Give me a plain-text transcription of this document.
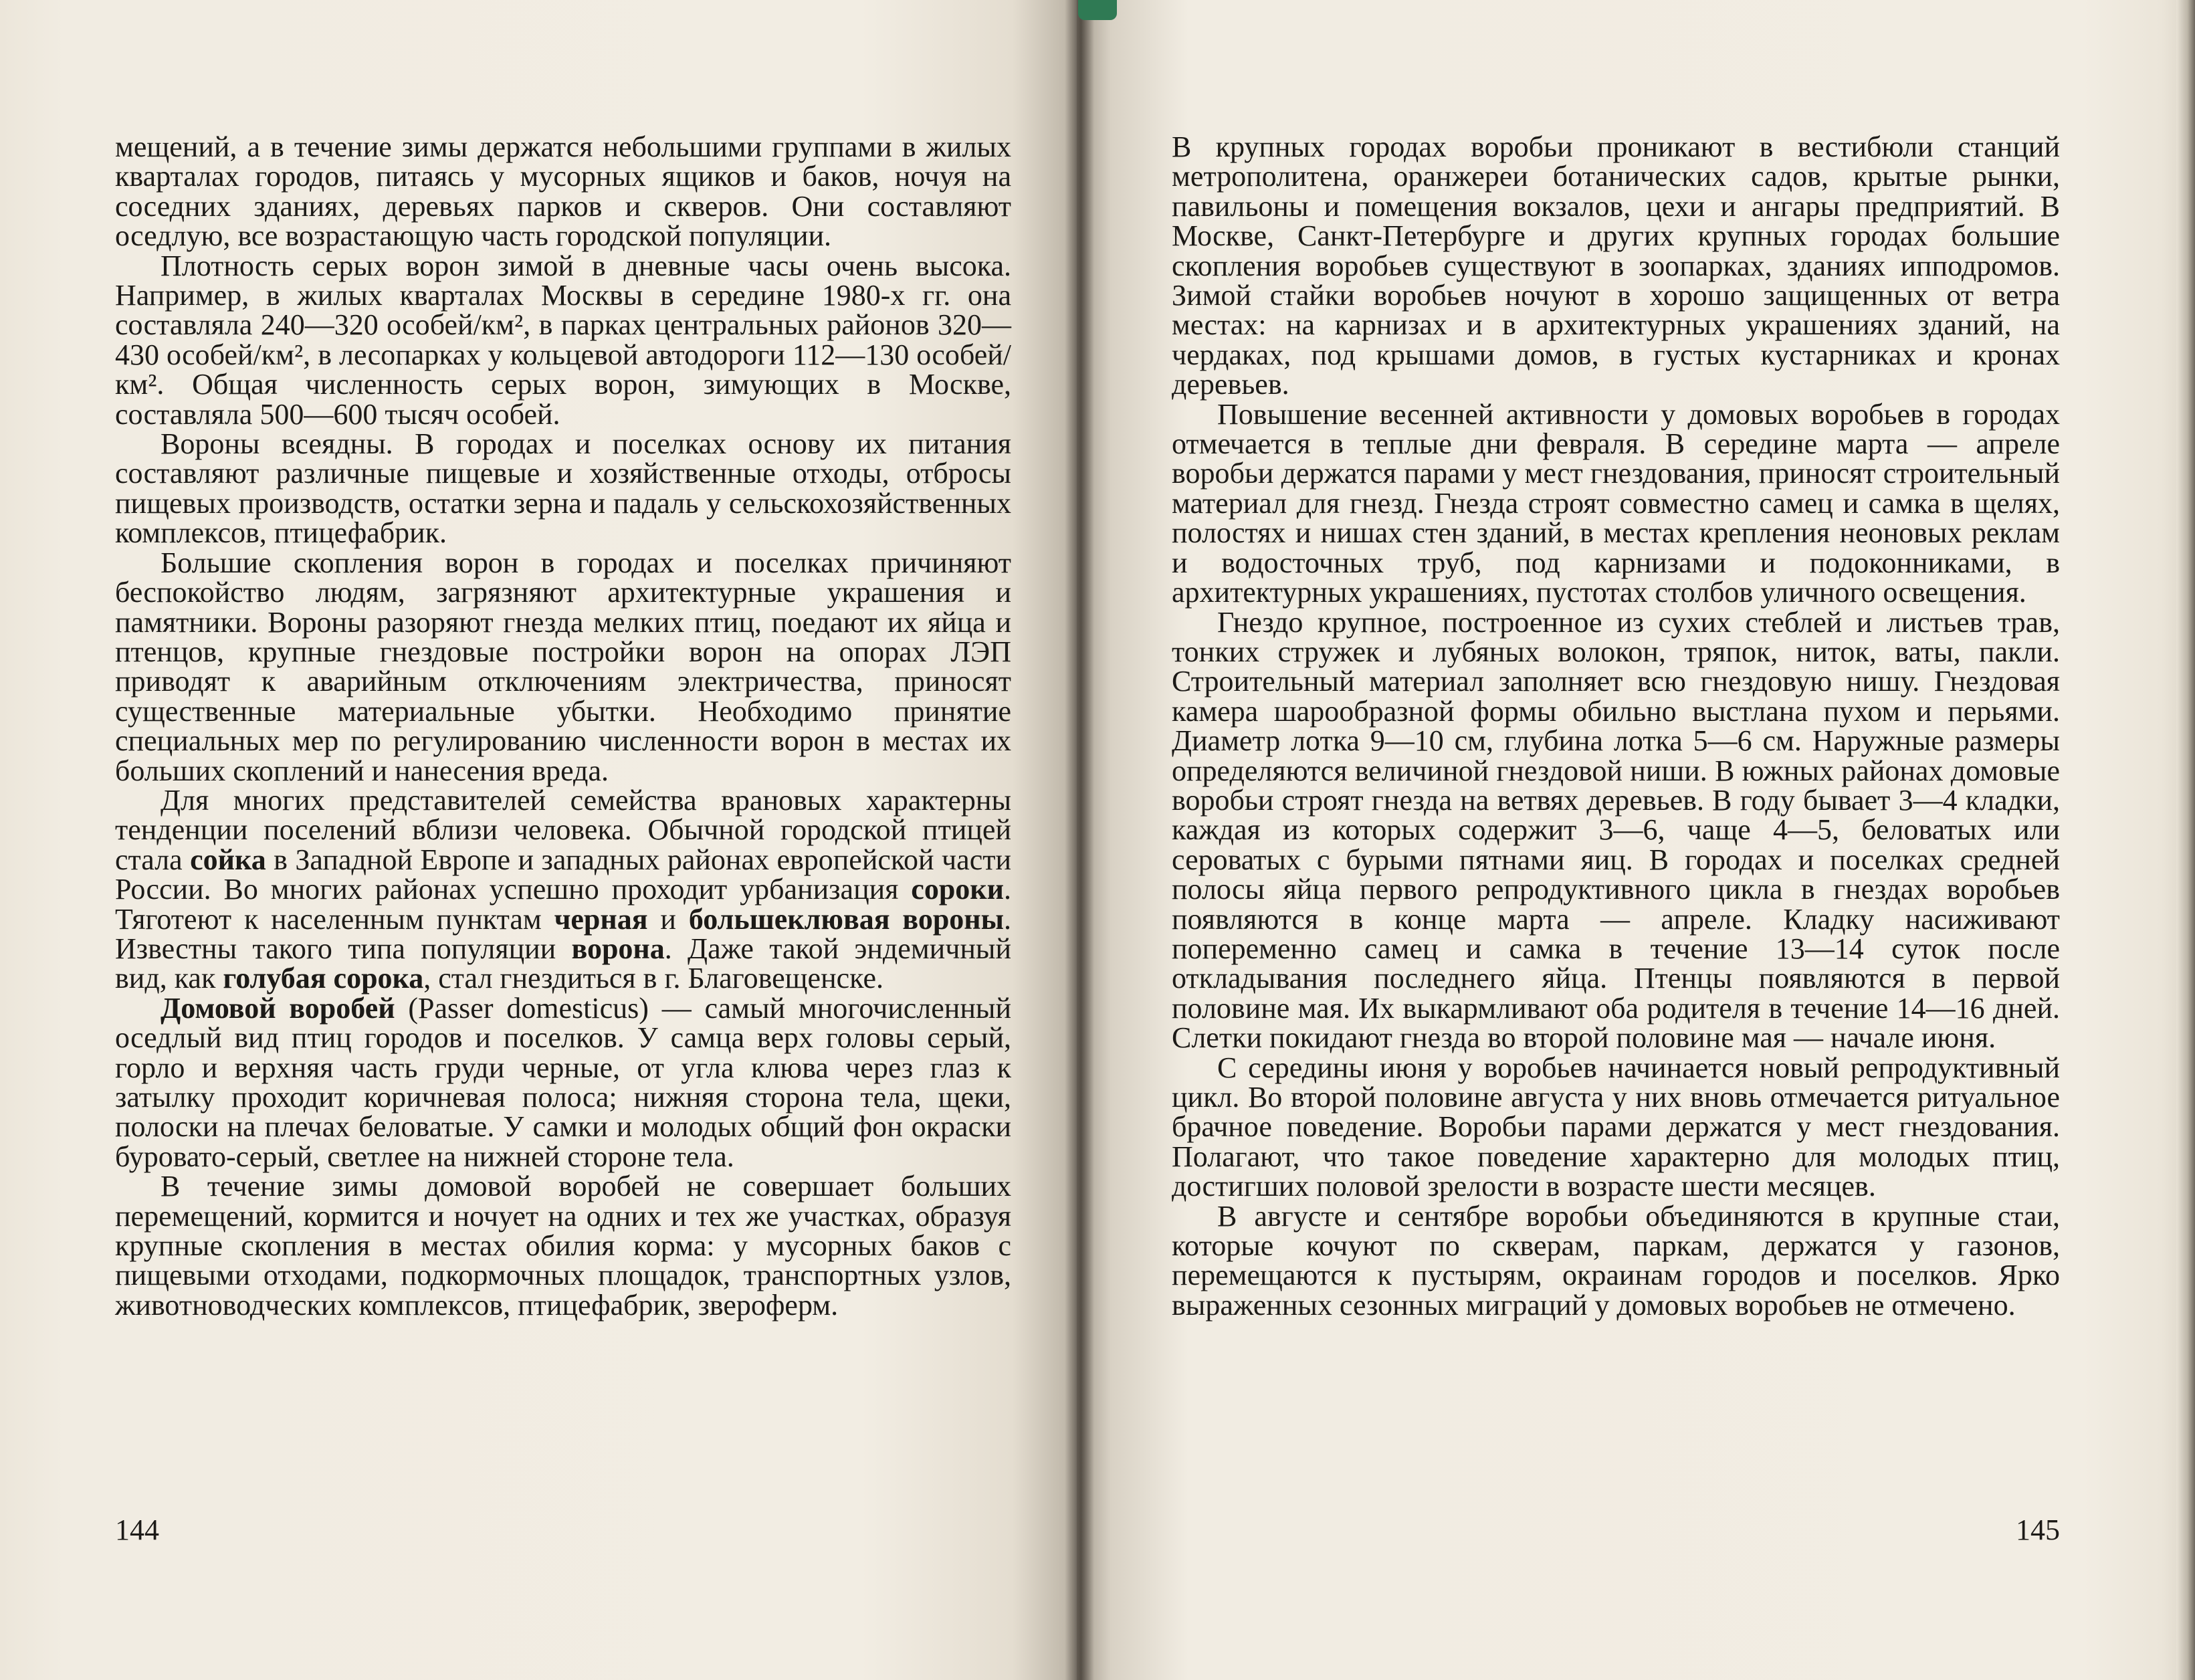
мещений, а в течение зимы держатся небольшими группами в жилых кварталах городов, питаясь у мусорных ящиков и баков, ночуя на соседних зданиях, деревьях парков и скверов. Они составляют оседлую, все возрастающую часть городской популяции.

Плотность серых ворон зимой в дневные часы очень высока. Например, в жилых кварталах Москвы в середине 1980-х гг. она составляла 240—320 особей/км², в парках центральных районов 320—430 особей/км², в лесопарках у кольцевой автодороги 112—130 особей/км². Общая численность серых ворон, зимующих в Москве, составляла 500—600 тысяч особей.

Вороны всеядны. В городах и поселках основу их питания составляют различные пищевые и хозяйственные отходы, отбросы пищевых производств, остатки зерна и падаль у сельскохозяйственных комплексов, птицефабрик.

Большие скопления ворон в городах и поселках причиняют беспокойство людям, загрязняют архитектурные украшения и памятники. Вороны разоряют гнезда мелких птиц, поедают их яйца и птенцов, крупные гнездовые постройки ворон на опорах ЛЭП приводят к аварийным отключениям электричества, приносят существенные материальные убытки. Необходимо принятие специальных мер по регулированию численности ворон в местах их больших скоплений и нанесения вреда.

Для многих представителей семейства врановых характерны тенденции поселений вблизи человека. Обычной городской птицей стала сойка в Западной Европе и западных районах европейской части России. Во многих районах успешно проходит урбанизация сороки. Тяготеют к населенным пунктам черная и большеклювая вороны. Известны такого типа популяции ворона. Даже такой эндемичный вид, как голубая сорока, стал гнездиться в г. Благовещенске.

Домовой воробей (Passer domesticus) — самый многочисленный оседлый вид птиц городов и поселков. У самца верх головы серый, горло и верхняя часть груди черные, от угла клюва через глаз к затылку проходит коричневая полоса; нижняя сторона тела, щеки, полоски на плечах беловатые. У самки и молодых общий фон окраски буровато-серый, светлее на нижней стороне тела.

В течение зимы домовой воробей не совершает больших перемещений, кормится и ночует на одних и тех же участках, образуя крупные скопления в местах обилия корма: у мусорных баков с пищевыми отходами, подкормочных площадок, транспортных узлов, животноводческих комплексов, птицефабрик, звероферм.

144

В крупных городах воробьи проникают в вестибюли станций метрополитена, оранжереи ботанических садов, крытые рынки, павильоны и помещения вокзалов, цехи и ангары предприятий. В Москве, Санкт-Петербурге и других крупных городах большие скопления воробьев существуют в зоопарках, зданиях ипподромов. Зимой стайки воробьев ночуют в хорошо защищенных от ветра местах: на карнизах и в архитектурных украшениях зданий, на чердаках, под крышами домов, в густых кустарниках и кронах деревьев.

Повышение весенней активности у домовых воробьев в городах отмечается в теплые дни февраля. В середине марта — апреле воробьи держатся парами у мест гнездования, приносят строительный материал для гнезд. Гнезда строят совместно самец и самка в щелях, полостях и нишах стен зданий, в местах крепления неоновых реклам и водосточных труб, под карнизами и подоконниками, в архитектурных украшениях, пустотах столбов уличного освещения.

Гнездо крупное, построенное из сухих стеблей и листьев трав, тонких стружек и лубяных волокон, тряпок, ниток, ваты, пакли. Строительный материал заполняет всю гнездовую нишу. Гнездовая камера шарообразной формы обильно выстлана пухом и перьями. Диаметр лотка 9—10 см, глубина лотка 5—6 см. Наружные размеры определяются величиной гнездовой ниши. В южных районах домовые воробьи строят гнезда на ветвях деревьев. В году бывает 3—4 кладки, каждая из которых содержит 3—6, чаще 4—5, беловатых или сероватых с бурыми пятнами яиц. В городах и поселках средней полосы яйца первого репродуктивного цикла в гнездах воробьев появляются в конце марта — апреле. Кладку насиживают попеременно самец и самка в течение 13—14 суток после откладывания последнего яйца. Птенцы появляются в первой половине мая. Их выкармливают оба родителя в течение 14—16 дней. Слетки покидают гнезда во второй половине мая — начале июня.

С середины июня у воробьев начинается новый репродуктивный цикл. Во второй половине августа у них вновь отмечается ритуальное брачное поведение. Воробьи парами держатся у мест гнездования. Полагают, что такое поведение характерно для молодых птиц, достигших половой зрелости в возрасте шести месяцев.

В августе и сентябре воробьи объединяются в крупные стаи, которые кочуют по скверам, паркам, держатся у газонов, перемещаются к пустырям, окраинам городов и поселков. Ярко выраженных сезонных миграций у домовых воробьев не отмечено.

145
